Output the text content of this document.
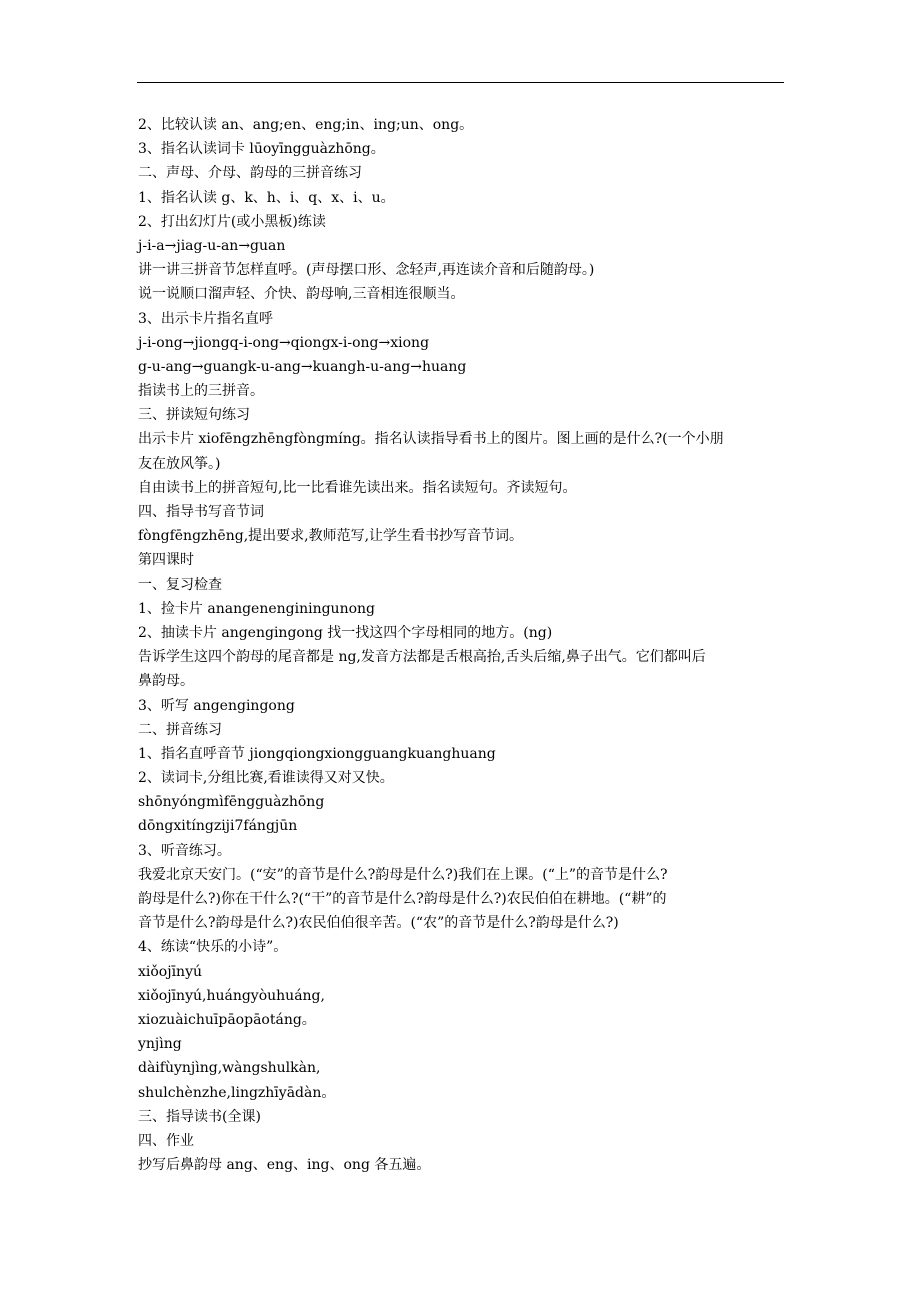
2、比较认读 an、ang;en、eng;in、ing;un、ong。
3、指名认读词卡 lūoyīngguàzhōng。
二、声母、介母、韵母的三拼音练习
1、指名认读 g、k、h、i、q、x、i、u。
2、打出幻灯片(或小黑板)练读
j-i-a→jiag-u-an→guan
讲一讲三拼音节怎样直呼。(声母摆口形、念轻声,再连读介音和后随韵母。)
说一说顺口溜声轻、介快、韵母响,三音相连很顺当。
3、出示卡片指名直呼
j-i-ong→jiongq-i-ong→qiongx-i-ong→xiong
g-u-ang→guangk-u-ang→kuangh-u-ang→huang
指读书上的三拼音。
三、拼读短句练习
出示卡片 xiofēngzhēngfòngmíng。指名认读指导看书上的图片。图上画的是什么?(一个小朋
友在放风筝。)
自由读书上的拼音短句,比一比看谁先读出来。指名读短句。齐读短句。
四、指导书写音节词
fòngfēngzhēng,提出要求,教师范写,让学生看书抄写音节词。
第四课时
一、复习检查
1、捡卡片 anangenenginingunong
2、抽读卡片 angengingong 找一找这四个字母相同的地方。(ng)
告诉学生这四个韵母的尾音都是 ng,发音方法都是舌根高抬,舌头后缩,鼻子出气。它们都叫后
鼻韵母。
3、听写 angengingong
二、拼音练习
1、指名直呼音节 jiongqiongxiongguangkuanghuang
2、读词卡,分组比赛,看谁读得又对又快。
shōnyóngmìfēngguàzhōng
dōngxitíngziji7fángjūn
3、听音练习。
我爱北京天安门。(“安”的音节是什么?韵母是什么?)我们在上课。(“上”的音节是什么?
韵母是什么?)你在干什么?(“干”的音节是什么?韵母是什么?)农民伯伯在耕地。(“耕”的
音节是什么?韵母是什么?)农民伯伯很辛苦。(“农”的音节是什么?韵母是什么?)
4、练读“快乐的小诗”。
xiǒojīnyú
xiǒojīnyú,huángyòuhuáng,
xiozuàichuīpāopāotáng。
ynjìng
dàifùynjìng,wàngshulkàn,
shulchènzhe,lingzhīyādàn。
三、指导读书(全课)
四、作业
抄写后鼻韵母 ang、eng、ing、ong 各五遍。
